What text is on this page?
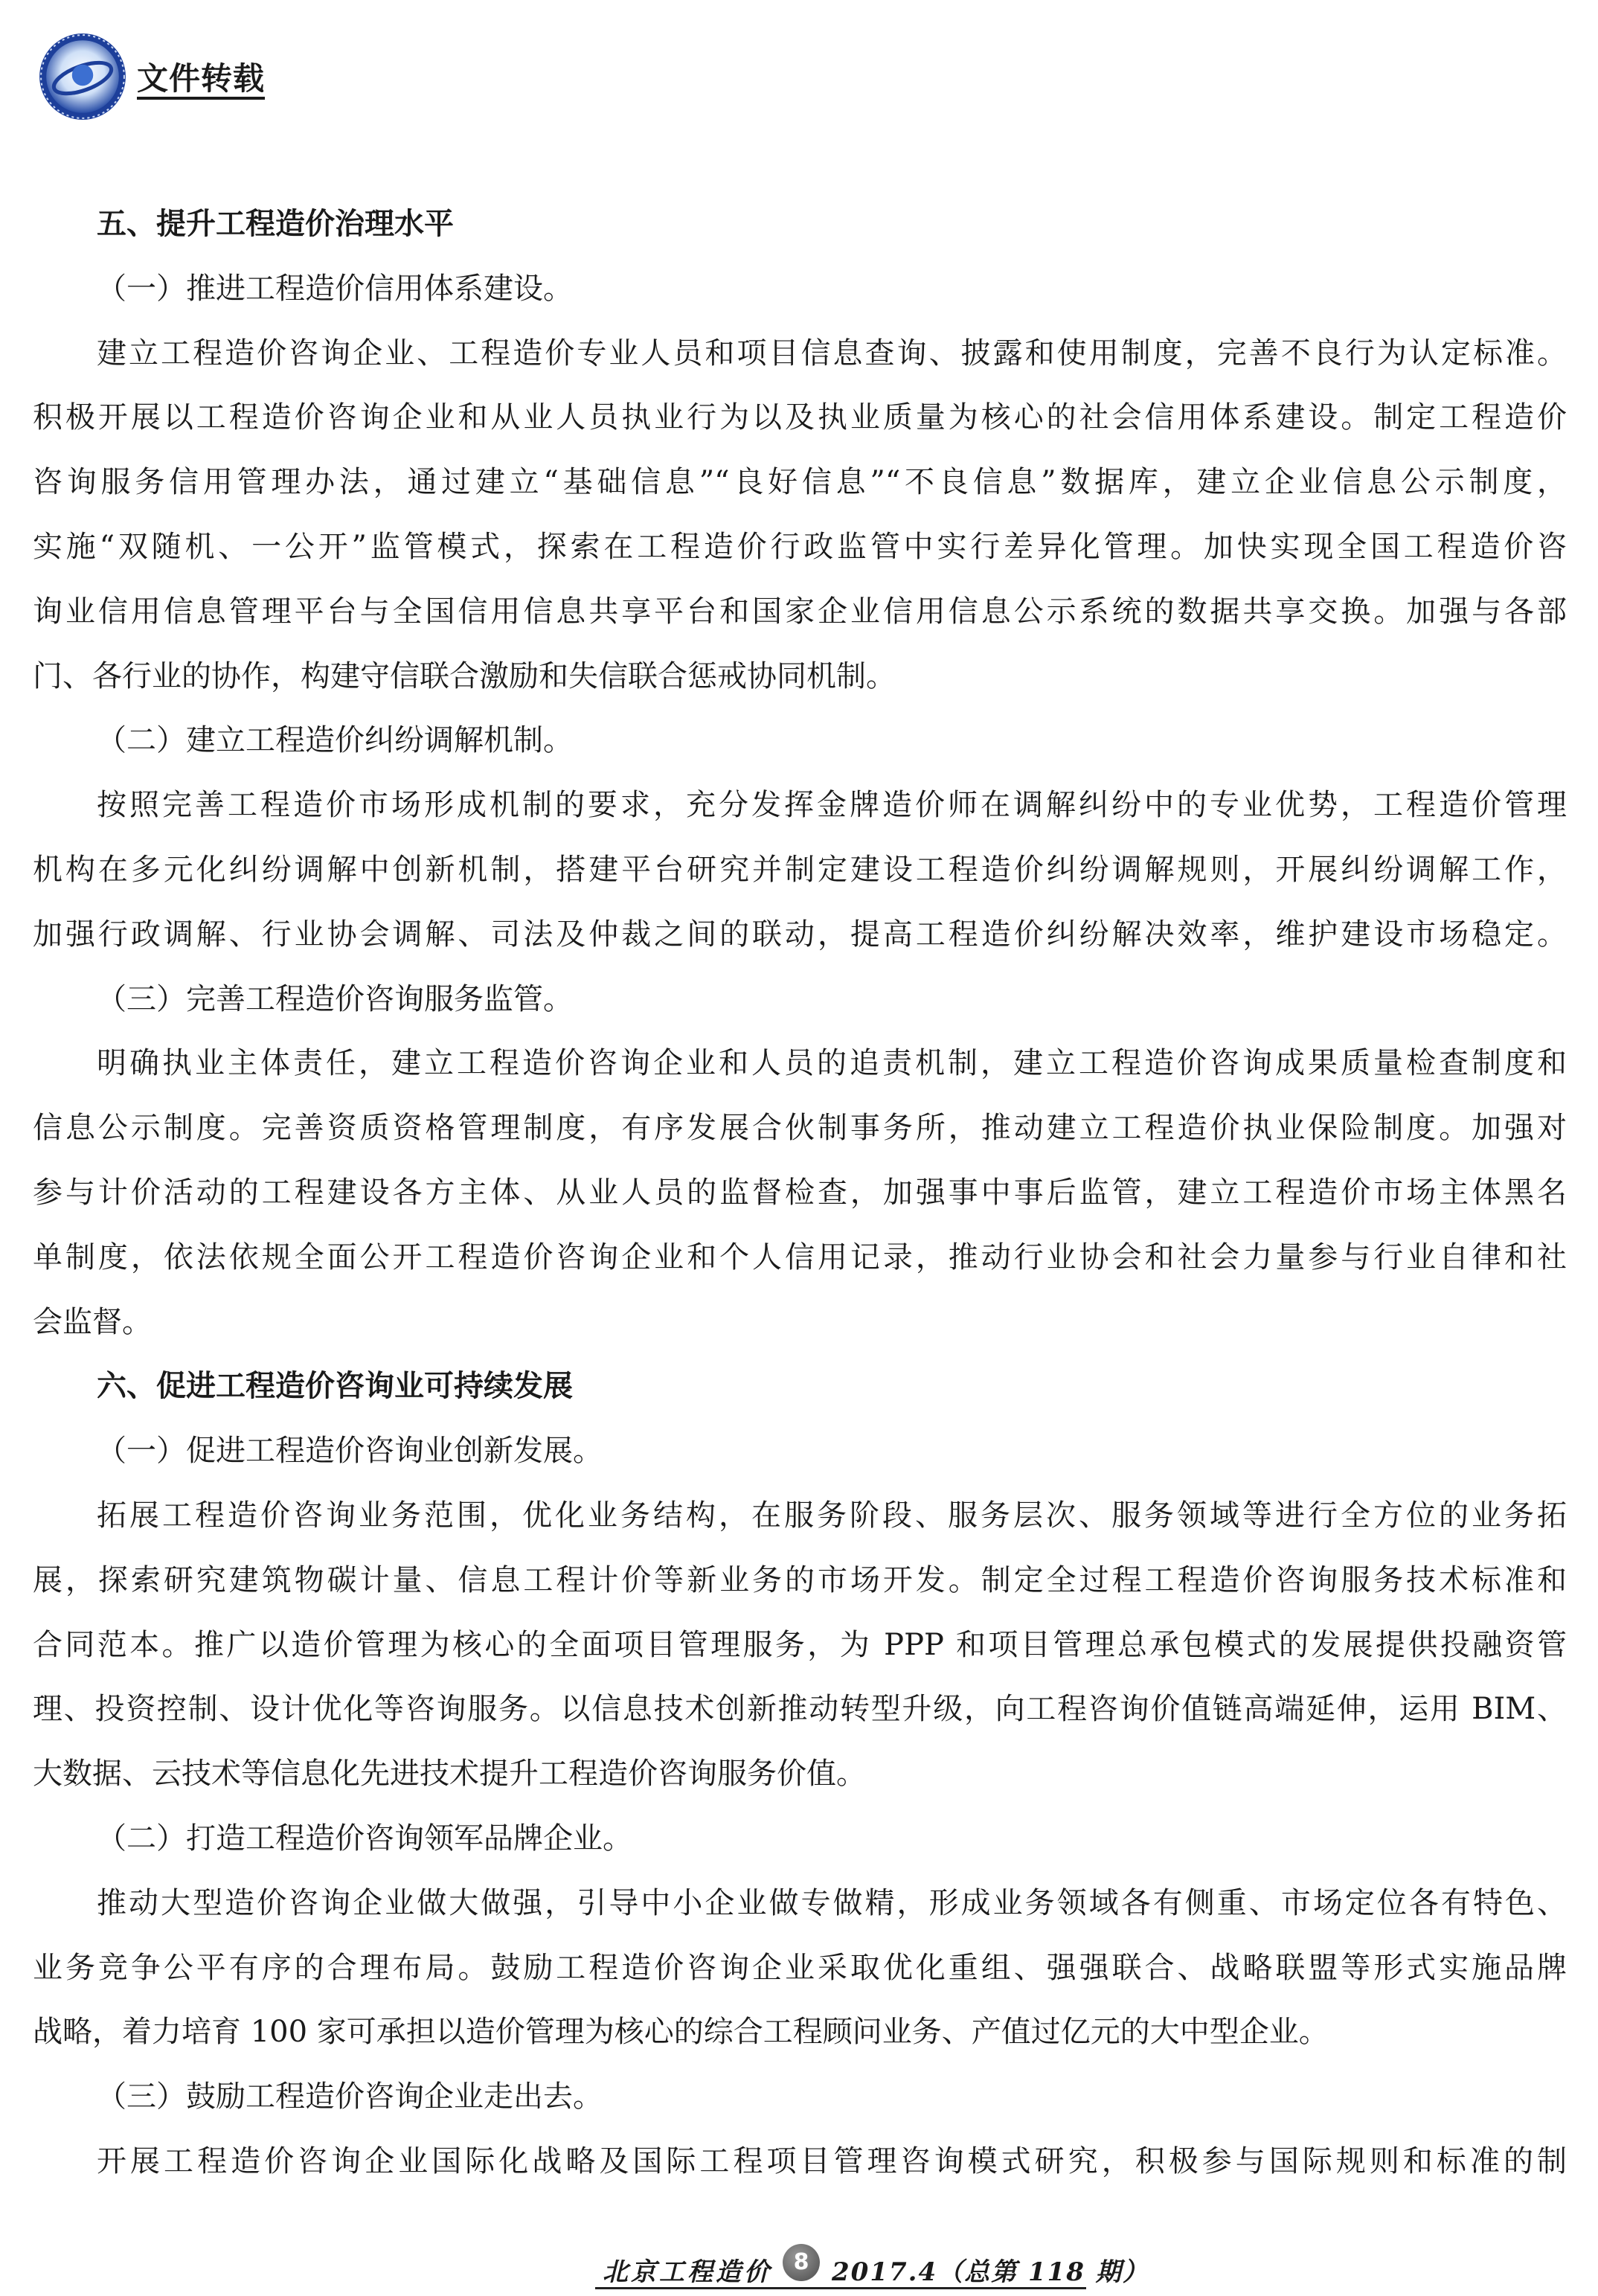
文件转载
五、提升工程造价治理水平
（一）推进工程造价信用体系建设。
建立工程造价咨询企业、工程造价专业人员和项目信息查询、披露和使用制度，完善不良行为认定标准。
积极开展以工程造价咨询企业和从业人员执业行为以及执业质量为核心的社会信用体系建设。制定工程造价
咨询服务信用管理办法，通过建立“基础信息”“良好信息”“不良信息”数据库，建立企业信息公示制度，
实施“双随机、一公开”监管模式，探索在工程造价行政监管中实行差异化管理。加快实现全国工程造价咨
询业信用信息管理平台与全国信用信息共享平台和国家企业信用信息公示系统的数据共享交换。加强与各部
门、各行业的协作，构建守信联合激励和失信联合惩戒协同机制。
（二）建立工程造价纠纷调解机制。
按照完善工程造价市场形成机制的要求，充分发挥金牌造价师在调解纠纷中的专业优势，工程造价管理
机构在多元化纠纷调解中创新机制，搭建平台研究并制定建设工程造价纠纷调解规则，开展纠纷调解工作，
加强行政调解、行业协会调解、司法及仲裁之间的联动，提高工程造价纠纷解决效率，维护建设市场稳定。
（三）完善工程造价咨询服务监管。
明确执业主体责任，建立工程造价咨询企业和人员的追责机制，建立工程造价咨询成果质量检查制度和
信息公示制度。完善资质资格管理制度，有序发展合伙制事务所，推动建立工程造价执业保险制度。加强对
参与计价活动的工程建设各方主体、从业人员的监督检查，加强事中事后监管，建立工程造价市场主体黑名
单制度，依法依规全面公开工程造价咨询企业和个人信用记录，推动行业协会和社会力量参与行业自律和社
会监督。
六、促进工程造价咨询业可持续发展
（一）促进工程造价咨询业创新发展。
拓展工程造价咨询业务范围，优化业务结构，在服务阶段、服务层次、服务领域等进行全方位的业务拓
展，探索研究建筑物碳计量、信息工程计价等新业务的市场开发。制定全过程工程造价咨询服务技术标准和
合同范本。推广以造价管理为核心的全面项目管理服务，为 PPP 和项目管理总承包模式的发展提供投融资管
理、投资控制、设计优化等咨询服务。以信息技术创新推动转型升级，向工程咨询价值链高端延伸，运用 BIM、
大数据、云技术等信息化先进技术提升工程造价咨询服务价值。
（二）打造工程造价咨询领军品牌企业。
推动大型造价咨询企业做大做强，引导中小企业做专做精，形成业务领域各有侧重、市场定位各有特色、
业务竞争公平有序的合理布局。鼓励工程造价咨询企业采取优化重组、强强联合、战略联盟等形式实施品牌
战略，着力培育 100 家可承担以造价管理为核心的综合工程顾问业务、产值过亿元的大中型企业。
（三）鼓励工程造价咨询企业走出去。
开展工程造价咨询企业国际化战略及国际工程项目管理咨询模式研究，积极参与国际规则和标准的制
北京工程造价 8 2017.4（总第 118 期）
